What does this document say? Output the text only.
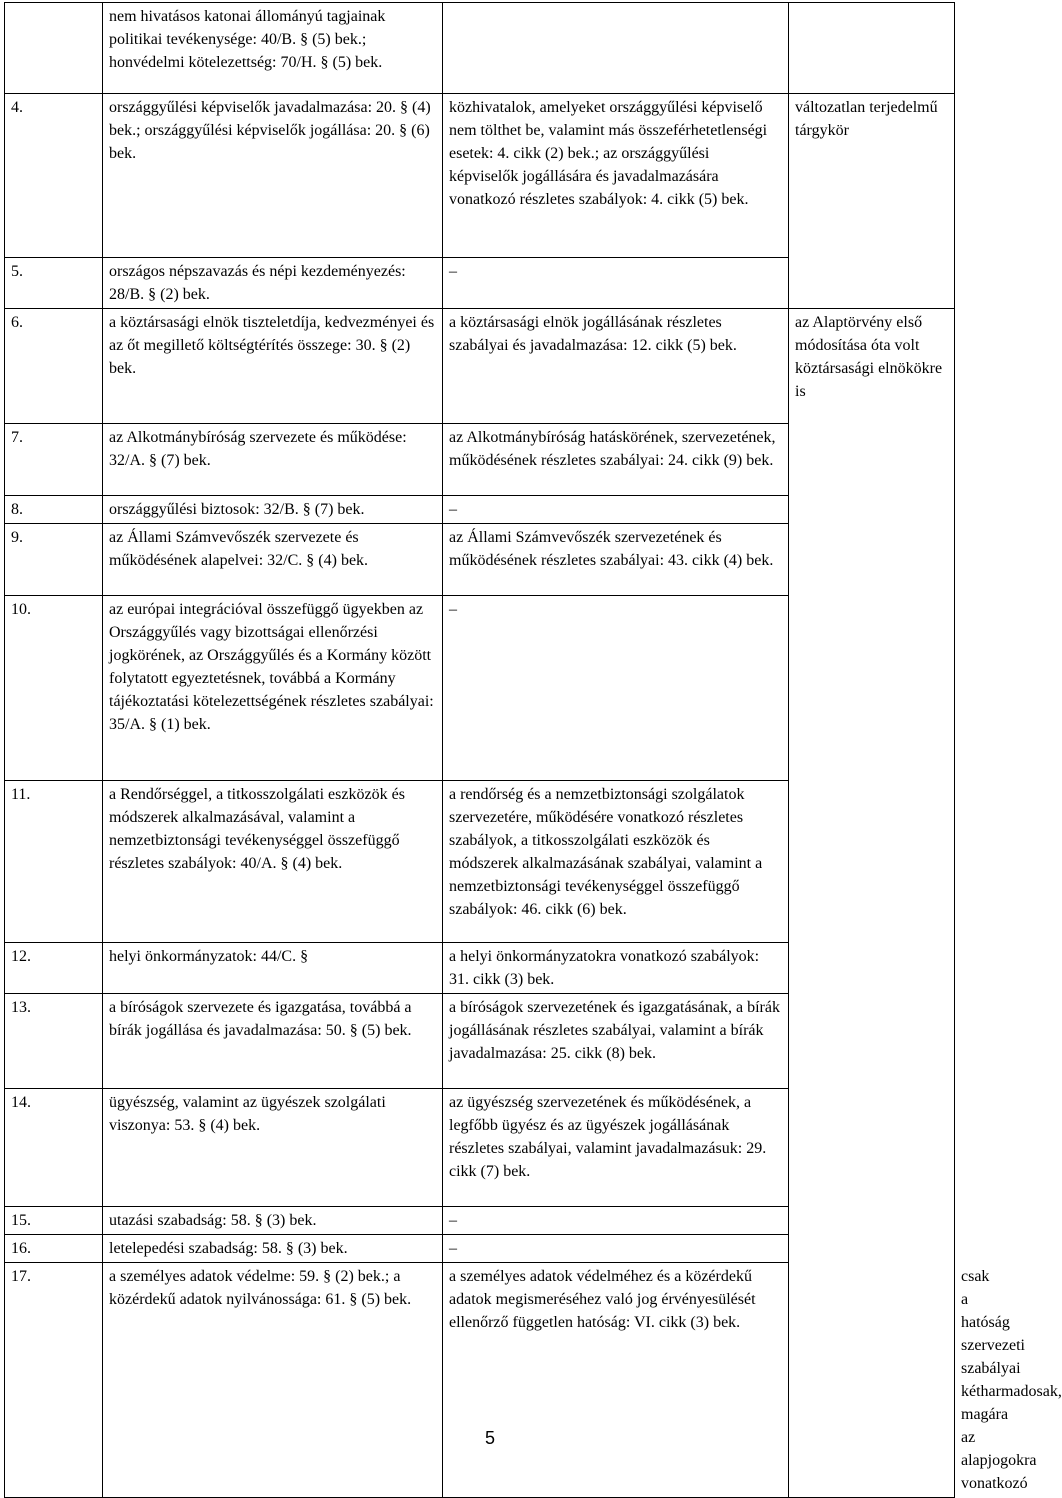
	nem hivatásos katonai állományú tagjainak politikai tevékenysége: 40/B. § (5) bek.; honvédelmi kötelezettség: 70/H. § (5) bek.			
4.	országgyűlési képviselők javadalmazása: 20. § (4) bek.; országgyűlési képviselők jogállása: 20. § (6) bek.	közhivatalok, amelyeket országgyűlési képviselő nem tölthet be, valamint más összeférhetetlenségi esetek: 4. cikk (2) bek.; az országgyűlési képviselők jogállására és javadalmazására vonatkozó részletes szabályok: 4. cikk (5) bek.	változatlan terjedelmű tárgykör	
5.	országos népszavazás és népi kezdeményezés: 28/B. § (2) bek.	–		
6.	a köztársasági elnök tiszteletdíja, kedvezményei és az őt megillető költségtérítés összege: 30. § (2) bek.	a köztársasági elnök jogállásának részletes szabályai és javadalmazása: 12. cikk (5) bek.	az Alaptörvény első módosítása óta volt köztársasági elnökökre is	
7.	az Alkotmánybíróság szervezete és működése: 32/A. § (7) bek.	az Alkotmánybíróság hatáskörének, szervezetének, működésének részletes szabályai: 24. cikk (9) bek.		
8.	országgyűlési biztosok: 32/B. § (7) bek.	–		
9.	az Állami Számvevőszék szervezete és működésének alapelvei: 32/C. § (4) bek.	az Állami Számvevőszék szervezetének és működésének részletes szabályai: 43. cikk (4) bek.		
10.	az európai integrációval összefüggő ügyekben az Országgyűlés vagy bizottságai ellenőrzési jogkörének, az Országgyűlés és a Kormány között folytatott egyeztetésnek, továbbá a Kormány tájékoztatási kötelezettségének részletes szabályai: 35/A. § (1) bek.	–		
11.	a Rendőrséggel, a titkosszolgálati eszközök és módszerek alkalmazásával, valamint a nemzetbiztonsági tevékenységgel összefüggő részletes szabályok: 40/A. § (4) bek.	a rendőrség és a nemzetbiztonsági szolgálatok szervezetére, működésére vonatkozó részletes szabályok, a titkosszolgálati eszközök és módszerek alkalmazásának szabályai, valamint a nemzetbiztonsági tevékenységgel összefüggő szabályok: 46. cikk (6) bek.		
12.	helyi önkormányzatok: 44/C. §	a helyi önkormányzatokra vonatkozó szabályok: 31. cikk (3) bek.		
13.	a bíróságok szervezete és igazgatása, továbbá a bírák jogállása és javadalmazása: 50. § (5) bek.	a bíróságok szervezetének és igazgatásának, a bírák jogállásának részletes szabályai, valamint a bírák javadalmazása: 25. cikk (8) bek.		
14.	ügyészség, valamint az ügyészek szolgálati viszonya: 53. § (4) bek.	az ügyészség szervezetének és működésének, a legfőbb ügyész és az ügyészek jogállásának részletes szabályai, valamint javadalmazásuk: 29. cikk (7) bek.		
15.	utazási szabadság: 58. § (3) bek.	–		
16.	letelepedési szabadság: 58. § (3) bek.	–		
17.	a személyes adatok védelme: 59. § (2) bek.; a közérdekű adatok nyilvánossága: 61. § (5) bek.	a személyes adatok védelméhez és a közérdekű adatok megismeréséhez való jog érvényesülését ellenőrző független hatóság: VI. cikk (3) bek.		csak a hatóság szervezeti szabályai kétharmadosak, magára az alapjogokra vonatkozó
5
